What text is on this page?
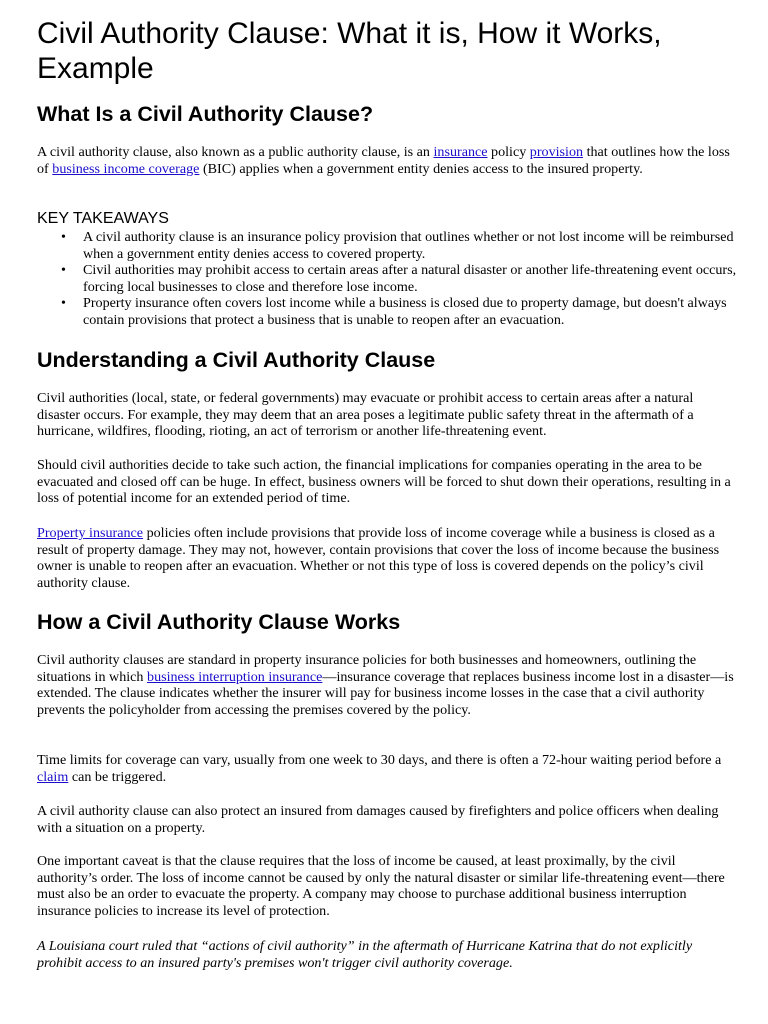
Civil Authority Clause: What it is, How it Works, Example
What Is a Civil Authority Clause?

A civil authority clause, also known as a public authority clause, is an insurance policy provision that outlines how the loss of business income coverage (BIC) applies when a government entity denies access to the insured property.

KEY TAKEAWAYS
• A civil authority clause is an insurance policy provision that outlines whether or not lost income will be reimbursed when a government entity denies access to covered property.
• Civil authorities may prohibit access to certain areas after a natural disaster or another life-threatening event occurs, forcing local businesses to close and therefore lose income.
• Property insurance often covers lost income while a business is closed due to property damage, but doesn't always contain provisions that protect a business that is unable to reopen after an evacuation.
Understanding a Civil Authority Clause

Civil authorities (local, state, or federal governments) may evacuate or prohibit access to certain areas after a natural disaster occurs. For example, they may deem that an area poses a legitimate public safety threat in the aftermath of a hurricane, wildfires, flooding, rioting, an act of terrorism or another life-threatening event.

Should civil authorities decide to take such action, the financial implications for companies operating in the area to be evacuated and closed off can be huge. In effect, business owners will be forced to shut down their operations, resulting in a loss of potential income for an extended period of time.

Property insurance policies often include provisions that provide loss of income coverage while a business is closed as a result of property damage. They may not, however, contain provisions that cover the loss of income because the business owner is unable to reopen after an evacuation. Whether or not this type of loss is covered depends on the policy’s civil authority clause.

How a Civil Authority Clause Works

Civil authority clauses are standard in property insurance policies for both businesses and homeowners, outlining the situations in which business interruption insurance—insurance coverage that replaces business income lost in a disaster—is extended. The clause indicates whether the insurer will pay for business income losses in the case that a civil authority prevents the policyholder from accessing the premises covered by the policy.

Time limits for coverage can vary, usually from one week to 30 days, and there is often a 72-hour waiting period before a claim can be triggered.

A civil authority clause can also protect an insured from damages caused by firefighters and police officers when dealing with a situation on a property.

One important caveat is that the clause requires that the loss of income be caused, at least proximally, by the civil authority’s order. The loss of income cannot be caused by only the natural disaster or similar life-threatening event—there must also be an order to evacuate the property. A company may choose to purchase additional business interruption insurance policies to increase its level of protection.

A Louisiana court ruled that “actions of civil authority” in the aftermath of Hurricane Katrina that do not explicitly prohibit access to an insured party's premises won't trigger civil authority coverage.
